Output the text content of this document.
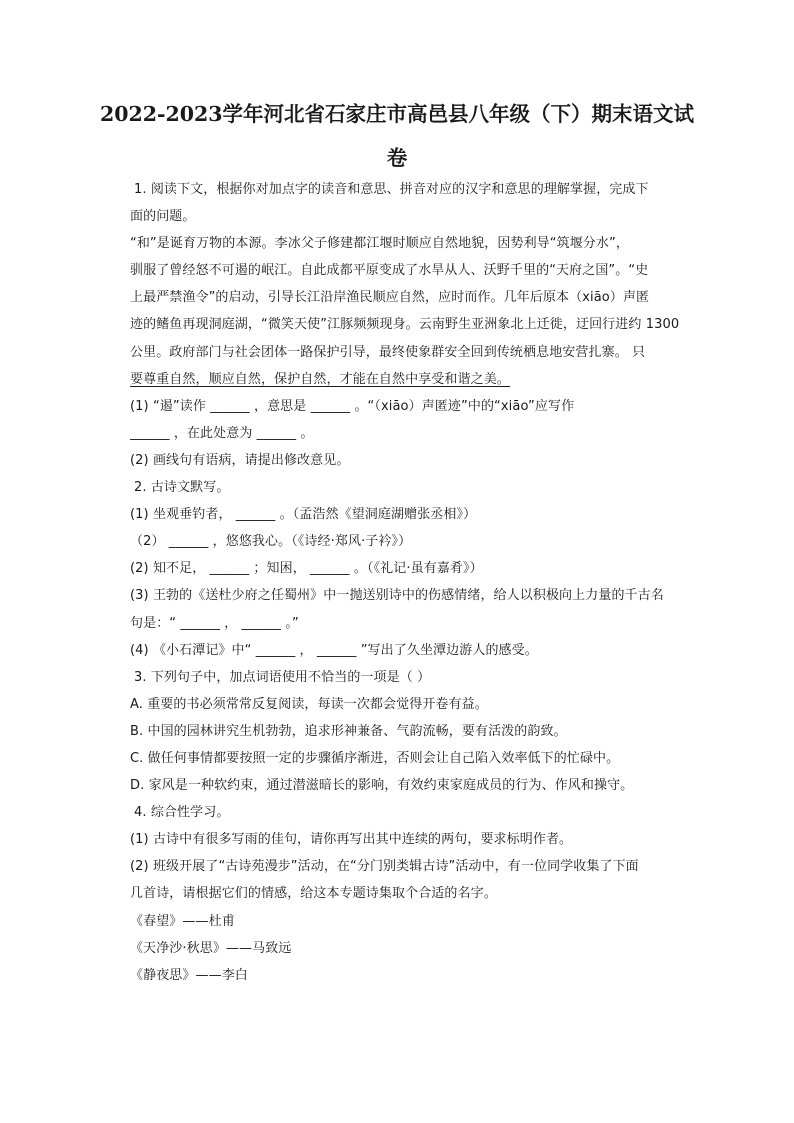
2022-2023学年河北省石家庄市高邑县八年级（下）期末语文试
卷
1. 阅读下文，根据你对加点字的读音和意思、拼音对应的汉字和意思的理解掌握，完成下
面的问题。
“和”是诞育万物的本源。李冰父子修建都江堰时顺应自然地貌，因势利导“筑堰分水”，
驯服了曾经怒不可遏的岷江。自此成都平原变成了水旱从人、沃野千里的“天府之国”。“史
上最严禁渔令”的启动，引导长江沿岸渔民顺应自然，应时而作。几年后原本（xiāo）声匿
迹的鳍鱼再现洞庭湖，“微笑天使”江豚频频现身。云南野生亚洲象北上迁徙，迂回行进约 1300
公里。政府部门与社会团体一路保护引导，最终使象群安全回到传统栖息地安营扎寨。 只
要尊重自然，顺应自然，保护自然，才能在自然中享受和谐之美。
(1) “遏”读作 ______ ，意思是 ______ 。“（xiāo）声匿迹”中的“xiāo”应写作
______ ，在此处意为 ______ 。
(2) 画线句有语病，请提出修改意见。
2. 古诗文默写。
(1) 坐观垂钓者， ______ 。（孟浩然《望洞庭湖赠张丞相》）
（2） ______ ，悠悠我心。（《诗经·郑风·子衿》）
(2) 知不足， ______ ；知困， ______ 。（《礼记·虽有嘉肴》）
(3) 王勃的《送杜少府之任蜀州》中一抛送别诗中的伤感情绪，给人以积极向上力量的千古名
句是：“ ______ ， ______ 。”
(4) 《小石潭记》中“ ______ ， ______ ”写出了久坐潭边游人的感受。
3. 下列句子中，加点词语使用不恰当的一项是（ ）
A. 重要的书必须常常反复阅读，每读一次都会觉得开卷有益。
B. 中国的园林讲究生机勃勃，追求形神兼备、气韵流畅，要有活泼的韵致。
C. 做任何事情都要按照一定的步骤循序渐进，否则会让自己陷入效率低下的忙碌中。
D. 家风是一种软约束，通过潜滋暗长的影响，有效约束家庭成员的行为、作风和操守。
4. 综合性学习。
(1) 古诗中有很多写雨的佳句，请你再写出其中连续的两句，要求标明作者。
(2) 班级开展了“古诗苑漫步”活动，在“分门别类辑古诗”活动中，有一位同学收集了下面
几首诗，请根据它们的情感，给这本专题诗集取个合适的名字。
《春望》——杜甫
《天净沙·秋思》——马致远
《静夜思》——李白
